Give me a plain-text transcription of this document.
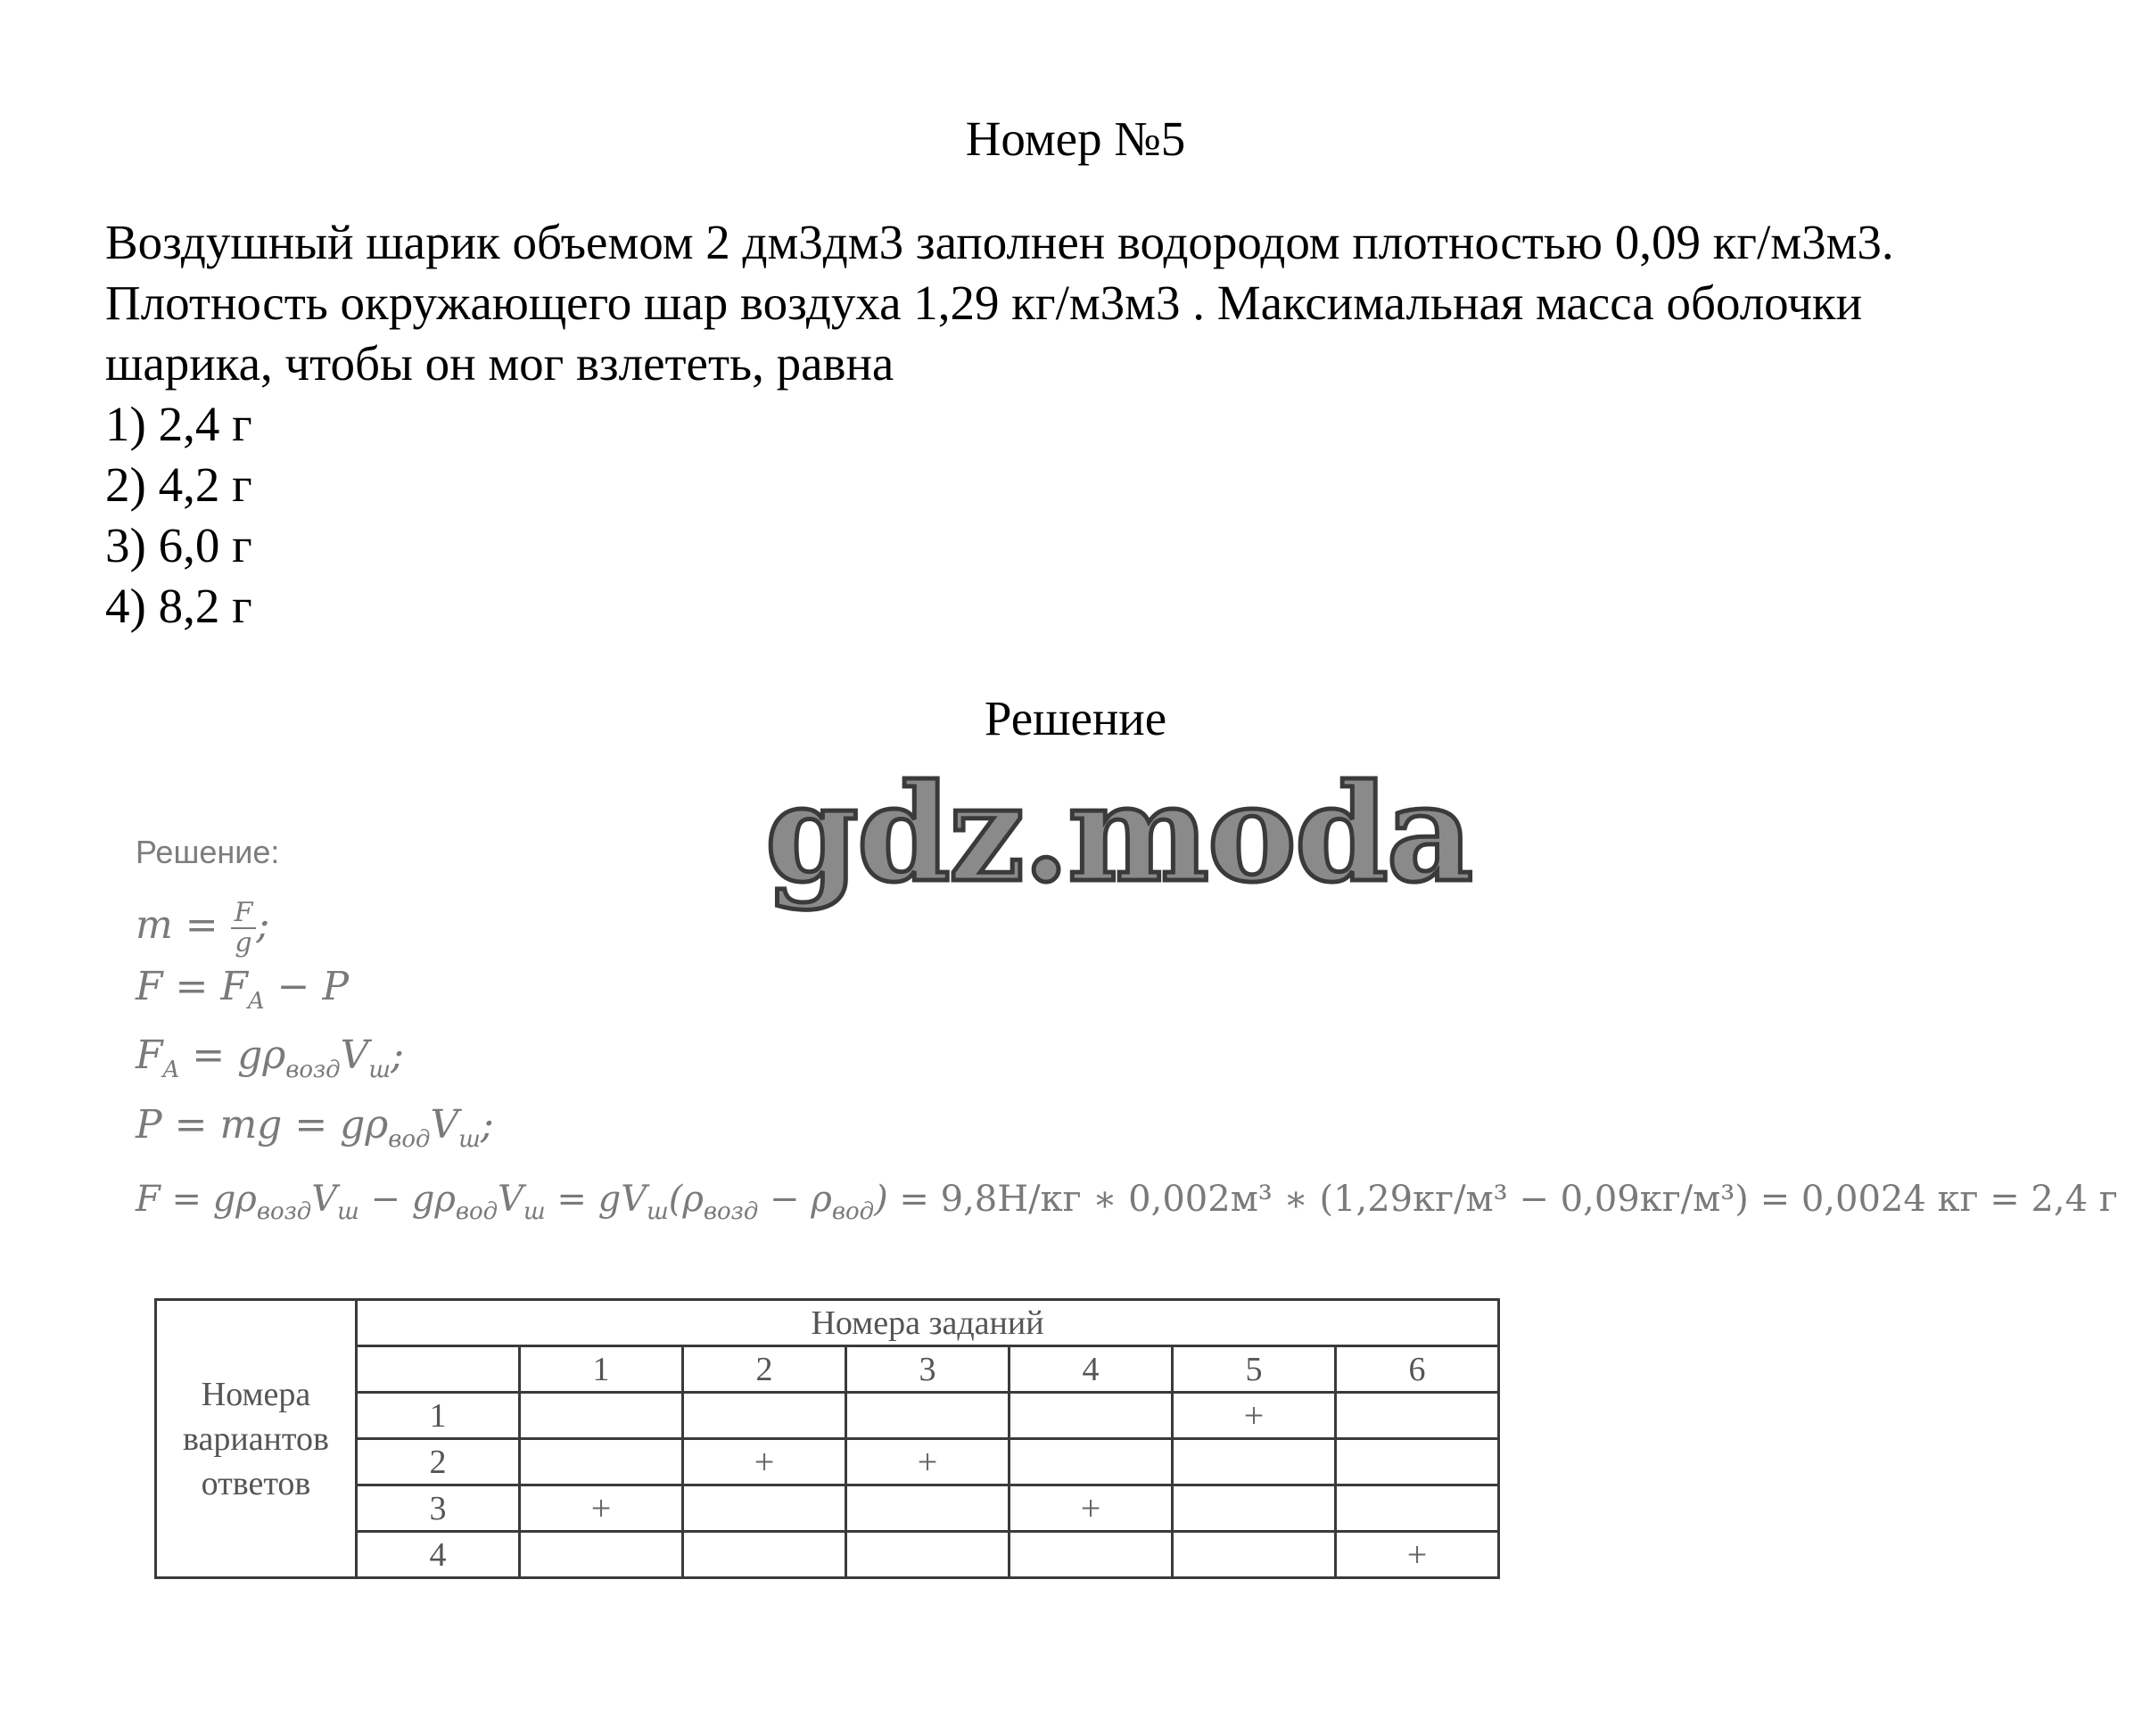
Номер №5
Воздушный шарик объемом 2 дм3дм3 заполнен водородом плотностью 0,09 кг/м3м3.
Плотность окружающего шар воздуха 1,29 кг/м3м3 . Максимальная масса оболочки
шарика, чтобы он мог взлететь, равна
1) 2,4 г
2) 4,2 г
3) 6,0 г
4) 8,2 г
Решение
gdz.moda
Решение:
$m = \frac{F}{g}$ ;
$F = F_A - P$
$F_A = g\rho_{возд}V_ш$;
P = mg = $g\rho_{вод}V_ш$;
$F = g\rho_{возд}V_ш - g\rho_{вод}V_ш = gV_ш(\rho_{возд} - \rho_{вод}) = 9,8Н/кг$ ∗ 0,002м³ ∗ (1,29кг/м³ − 0,09кг/м³) = 0,0024 кг = 2,4 г
Номера
вариантов
ответов	Номера заданий						
		1	2	3	4	5	6
	1					+	
	2		+	+			
	3	+			+		
	4						+
